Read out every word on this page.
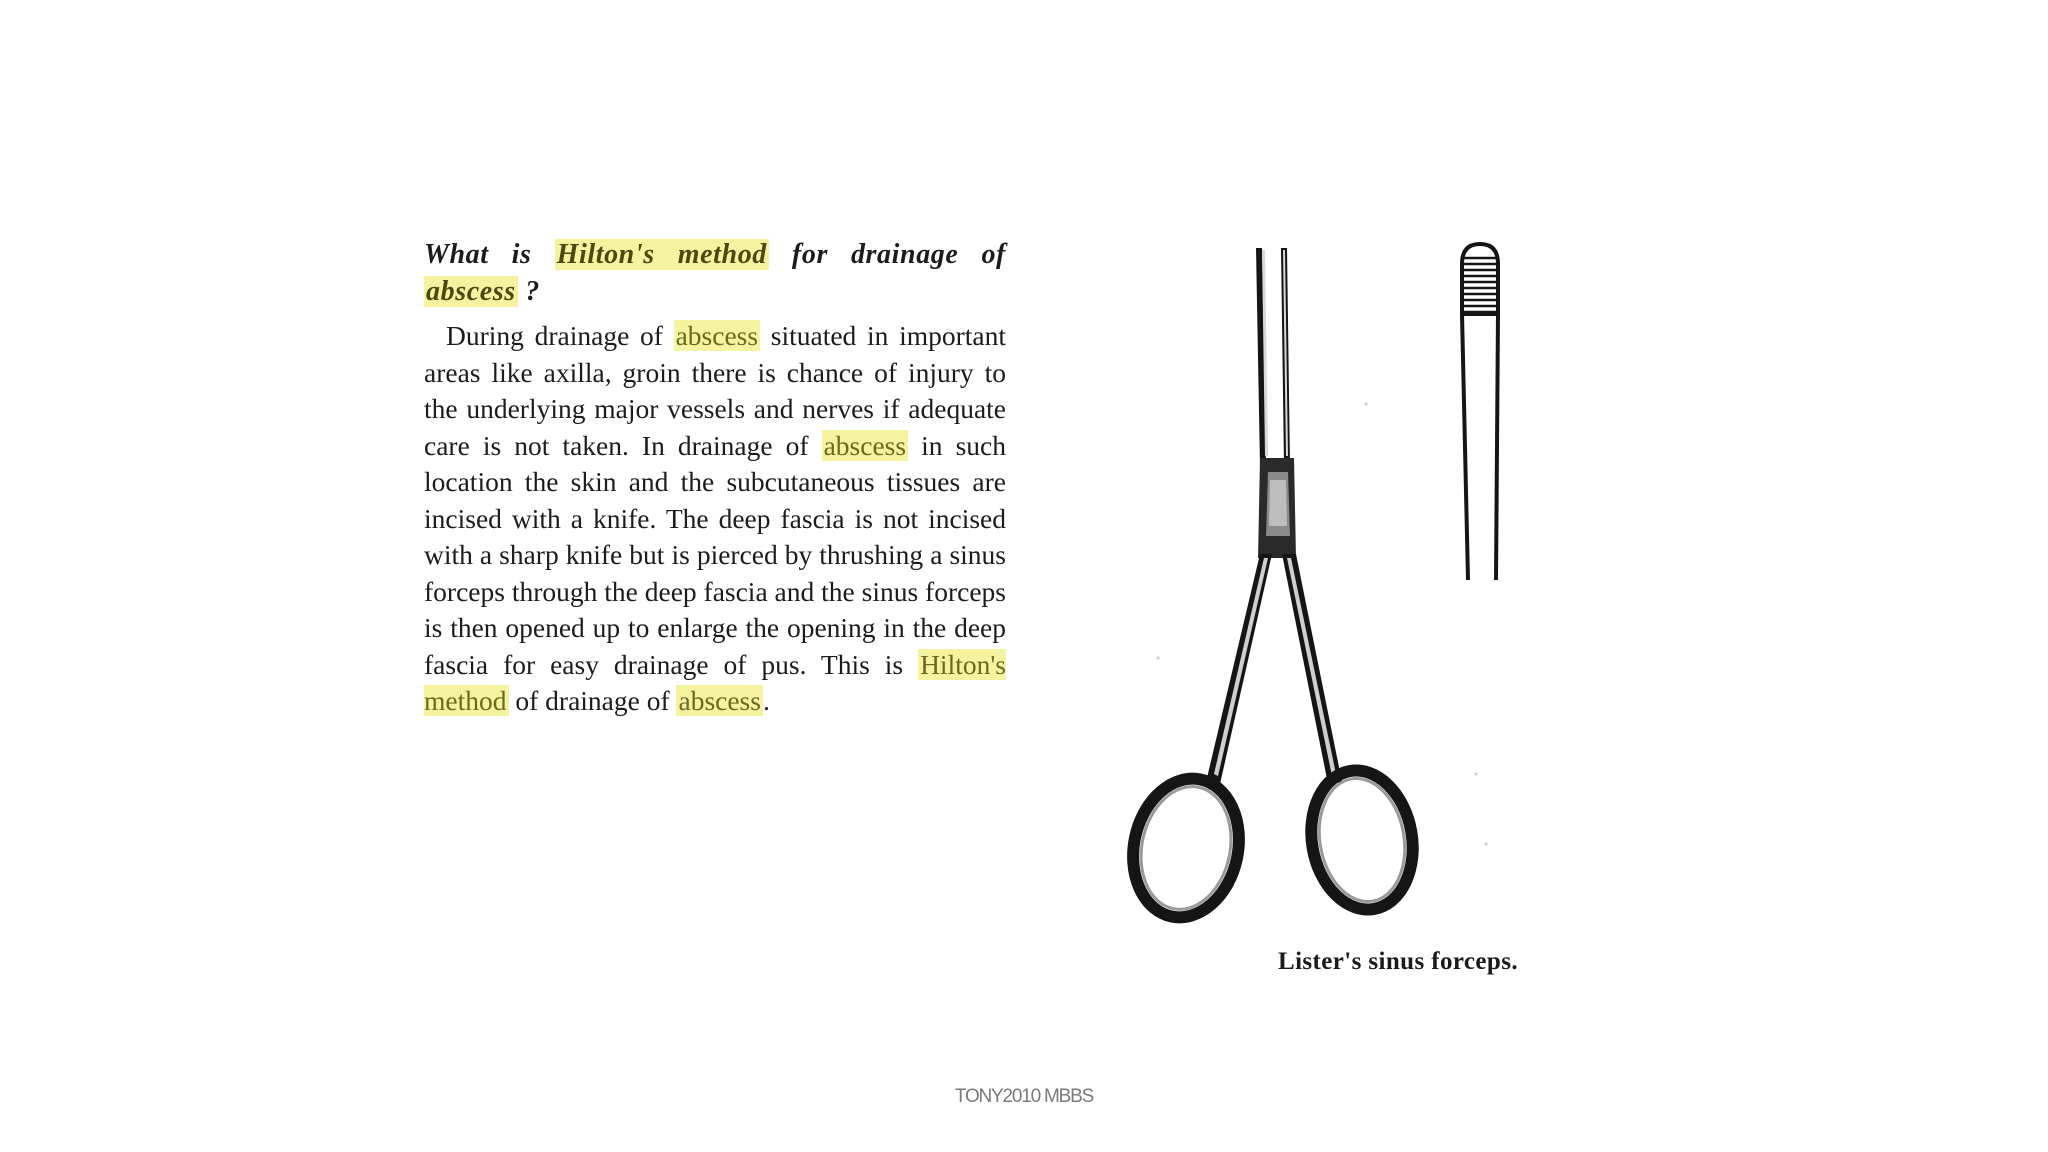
What is Hilton's method for drainage of abscess ?

During drainage of abscess situated in important areas like axilla, groin there is chance of injury to the underlying major vessels and nerves if adequate care is not taken. In drainage of abscess in such location the skin and the subcutaneous tissues are incised with a knife. The deep fascia is not incised with a sharp knife but is pierced by thrushing a sinus forceps through the deep fascia and the sinus forceps is then opened up to enlarge the opening in the deep fascia for easy drainage of pus. This is Hilton's method of drainage of abscess.

Lister's sinus forceps.
TONY2010 MBBS
